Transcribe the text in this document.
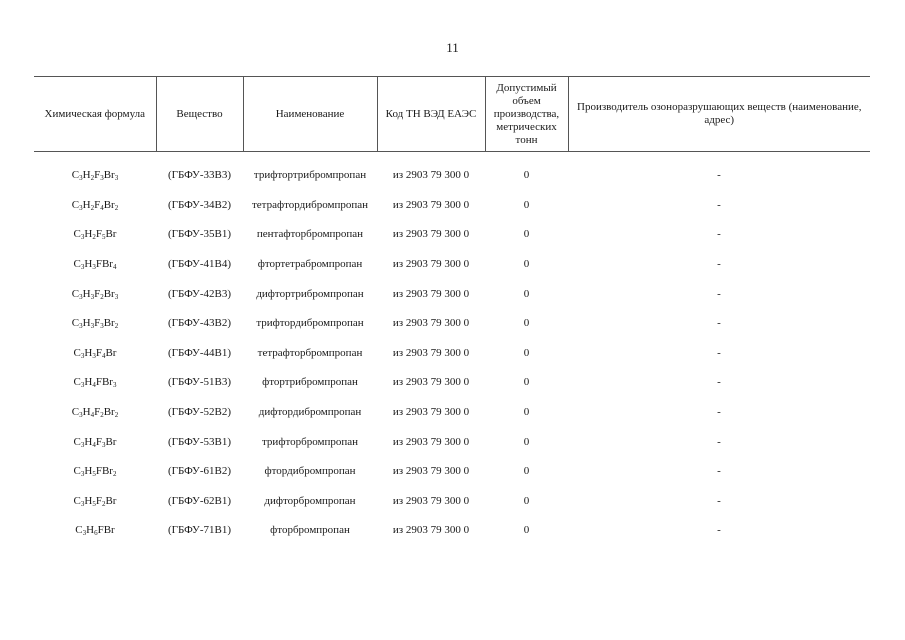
11
Химическая формула	Вещество	Наименование	Код ТН ВЭД ЕАЭС	Допустимый объем производства, метрических тонн	Производитель озоноразрушающих веществ (наименование, адрес)
$C_3H_2F_3Br_3$	(ГБФУ-33В3)	трифтортрибромпропан	из 2903 79 300 0	0	-
$C_3H_2F_4Br_2$	(ГБФУ-34В2)	тетрафтордибромпропан	из 2903 79 300 0	0	-
$C_3H_2F_5Br$	(ГБФУ-35В1)	пентафторбромпропан	из 2903 79 300 0	0	-
$C_3H_3FBr_4$	(ГБФУ-41В4)	фтортетрабромпропан	из 2903 79 300 0	0	-
$C_3H_3F_2Br_3$	(ГБФУ-42В3)	дифтортрибромпропан	из 2903 79 300 0	0	-
$C_3H_3F_3Br_2$	(ГБФУ-43В2)	трифтордибромпропан	из 2903 79 300 0	0	-
$C_3H_3F_4Br$	(ГБФУ-44В1)	тетрафторбромпропан	из 2903 79 300 0	0	-
$C_3H_4FBr_3$	(ГБФУ-51В3)	фтортрибромпропан	из 2903 79 300 0	0	-
$C_3H_4F_2Br_2$	(ГБФУ-52В2)	дифтордибромпропан	из 2903 79 300 0	0	-
$C_3H_4F_3Br$	(ГБФУ-53В1)	трифторбромпропан	из 2903 79 300 0	0	-
$C_3H_5FBr_2$	(ГБФУ-61В2)	фтордибромпропан	из 2903 79 300 0	0	-
$C_3H_5F_2Br$	(ГБФУ-62В1)	дифторбромпропан	из 2903 79 300 0	0	-
$C_3H_6FBr$	(ГБФУ-71В1)	фторбромпропан	из 2903 79 300 0	0	-
